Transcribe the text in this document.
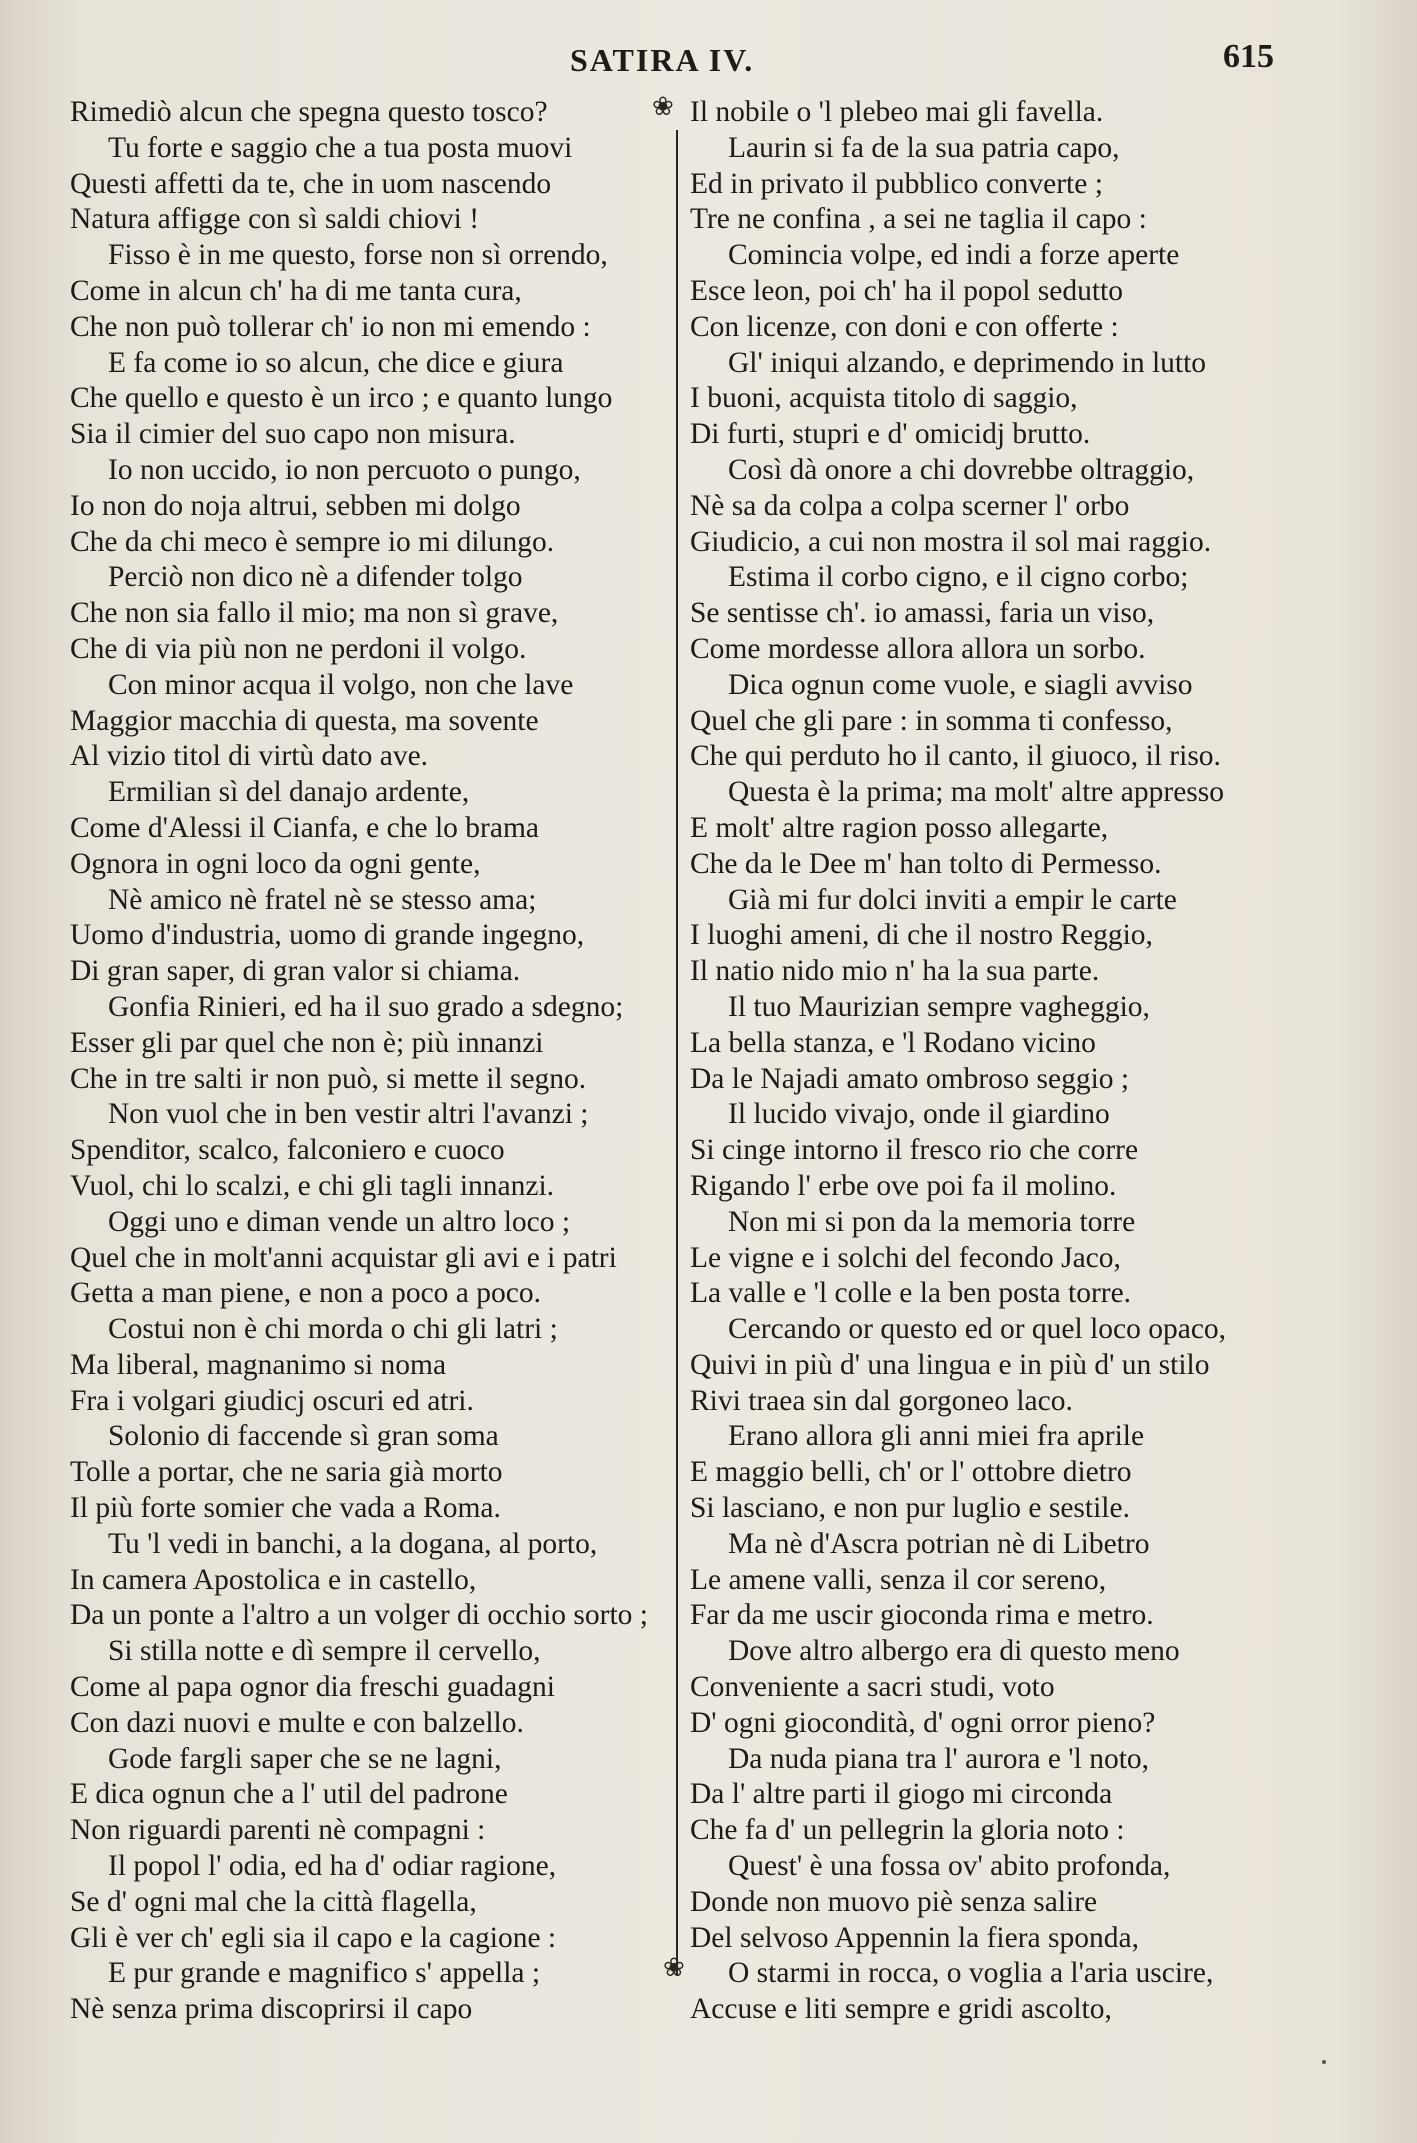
SATIRA IV.	615
Rimediò alcun che spegna questo tosco?
Tu forte e saggio che a tua posta muovi
Questi affetti da te, che in uom nascendo
Natura affigge con sì saldi chiovi !
Fisso è in me questo, forse non sì orrendo,
Come in alcun ch' ha di me tanta cura,
Che non può tollerar ch' io non mi emendo :
E fa come io so alcun, che dice e giura
Che quello e questo è un irco ; e quanto lungo
Sia il cimier del suo capo non misura.
Io non uccido, io non percuoto o pungo,
Io non do noja altrui, sebben mi dolgo
Che da chi meco è sempre io mi dilungo.
Perciò non dico nè a difender tolgo
Che non sia fallo il mio; ma non sì grave,
Che di via più non ne perdoni il volgo.
Con minor acqua il volgo, non che lave
Maggior macchia di questa, ma sovente
Al vizio titol di virtù dato ave.
Ermilian sì del danajo ardente,
Come d'Alessi il Cianfa, e che lo brama
Ognora in ogni loco da ogni gente,
Nè amico nè fratel nè se stesso ama;
Uomo d'industria, uomo di grande ingegno,
Di gran saper, di gran valor si chiama.
Gonfia Rinieri, ed ha il suo grado a sdegno;
Esser gli par quel che non è; più innanzi
Che in tre salti ir non può, si mette il segno.
Non vuol che in ben vestir altri l'avanzi ;
Spenditor, scalco, falconiero e cuoco
Vuol, chi lo scalzi, e chi gli tagli innanzi.
Oggi uno e diman vende un altro loco ;
Quel che in molt'anni acquistar gli avi e i patri
Getta a man piene, e non a poco a poco.
Costui non è chi morda o chi gli latri ;
Ma liberal, magnanimo si noma
Fra i volgari giudicj oscuri ed atri.
Solonio di faccende sì gran soma
Tolle a portar, che ne saria già morto
Il più forte somier che vada a Roma.
Tu 'l vedi in banchi, a la dogana, al porto,
In camera Apostolica e in castello,
Da un ponte a l'altro a un volger di occhio sorto ;
Si stilla notte e dì sempre il cervello,
Come al papa ognor dia freschi guadagni
Con dazi nuovi e multe e con balzello.
Gode fargli saper che se ne lagni,
E dica ognun che a l' util del padrone
Non riguardi parenti nè compagni :
Il popol l' odia, ed ha d' odiar ragione,
Se d' ogni mal che la città flagella,
Gli è ver ch' egli sia il capo e la cagione :
E pur grande e magnifico s' appella ;
Nè senza prima discoprirsi il capo
Il nobile o 'l plebeo mai gli favella.
Laurin si fa de la sua patria capo,
Ed in privato il pubblico converte ;
Tre ne confina , a sei ne taglia il capo :
Comincia volpe, ed indi a forze aperte
Esce leon, poi ch' ha il popol sedutto
Con licenze, con doni e con offerte :
Gl' iniqui alzando, e deprimendo in lutto
I buoni, acquista titolo di saggio,
Di furti, stupri e d' omicidj brutto.
Così dà onore a chi dovrebbe oltraggio,
Nè sa da colpa a colpa scerner l' orbo
Giudicio, a cui non mostra il sol mai raggio.
Estima il corbo cigno, e il cigno corbo;
Se sentisse ch'. io amassi, faria un viso,
Come mordesse allora allora un sorbo.
Dica ognun come vuole, e siagli avviso
Quel che gli pare : in somma ti confesso,
Che qui perduto ho il canto, il giuoco, il riso.
Questa è la prima; ma molt' altre appresso
E molt' altre ragion posso allegarte,
Che da le Dee m' han tolto di Permesso.
Già mi fur dolci inviti a empir le carte
I luoghi ameni, di che il nostro Reggio,
Il natio nido mio n' ha la sua parte.
Il tuo Maurizian sempre vagheggio,
La bella stanza, e 'l Rodano vicino
Da le Najadi amato ombroso seggio ;
Il lucido vivajo, onde il giardino
Si cinge intorno il fresco rio che corre
Rigando l' erbe ove poi fa il molino.
Non mi si pon da la memoria torre
Le vigne e i solchi del fecondo Jaco,
La valle e 'l colle e la ben posta torre.
Cercando or questo ed or quel loco opaco,
Quivi in più d' una lingua e in più d' un stilo
Rivi traea sin dal gorgoneo laco.
Erano allora gli anni miei fra aprile
E maggio belli, ch' or l' ottobre dietro
Si lasciano, e non pur luglio e sestile.
Ma nè d'Ascra potrian nè di Libetro
Le amene valli, senza il cor sereno,
Far da me uscir gioconda rima e metro.
Dove altro albergo era di questo meno
Conveniente a sacri studi, voto
D' ogni giocondità, d' ogni orror pieno?
Da nuda piana tra l' aurora e 'l noto,
Da l' altre parti il giogo mi circonda
Che fa d' un pellegrin la gloria noto :
Quest' è una fossa ov' abito profonda,
Donde non muovo piè senza salire
Del selvoso Appennin la fiera sponda,
O starmi in rocca, o voglia a l'aria uscire,
Accuse e liti sempre e gridi ascolto,
❀
❀
